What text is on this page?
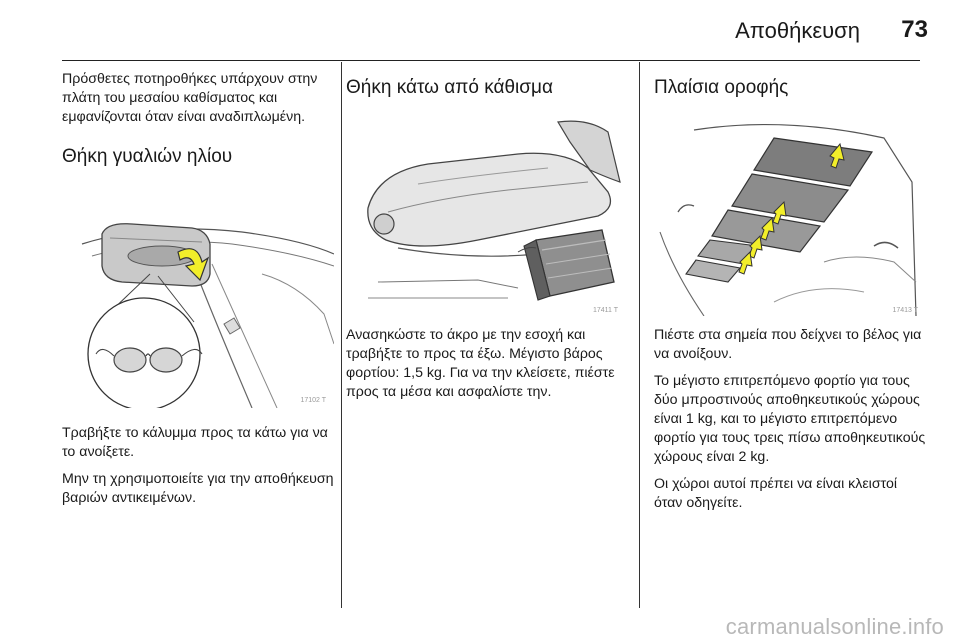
Αποθήκευση	73

Πρόσθετες ποτηροθήκες υπάρχουν στην πλάτη του μεσαίου καθίσματος και εμφανίζονται όταν είναι αναδιπλωμένη.

Θήκη γυαλιών ηλίου
17102 T

Τραβήξτε το κάλυμμα προς τα κάτω για να το ανοίξετε.

Μην τη χρησιμοποιείτε για την αποθήκευση βαριών αντικειμένων.

Θήκη κάτω από κάθισμα
17411 T

Ανασηκώστε το άκρο με την εσοχή και τραβήξτε το προς τα έξω. Μέγιστο βάρος φορτίου: 1,5 kg. Για να την κλείσετε, πιέστε προς τα μέσα και ασφαλίστε την.

Πλαίσια οροφής
17413 T

Πιέστε στα σημεία που δείχνει το βέλος για να ανοίξουν.

Το μέγιστο επιτρεπόμενο φορτίο για τους δύο μπροστινούς αποθηκευτικούς χώρους είναι 1 kg, και το μέγιστο επιτρεπόμενο φορτίο για τους τρεις πίσω αποθηκευτικούς χώρους είναι 2 kg.

Οι χώροι αυτοί πρέπει να είναι κλειστοί όταν οδηγείτε.

carmanualsonline.info
